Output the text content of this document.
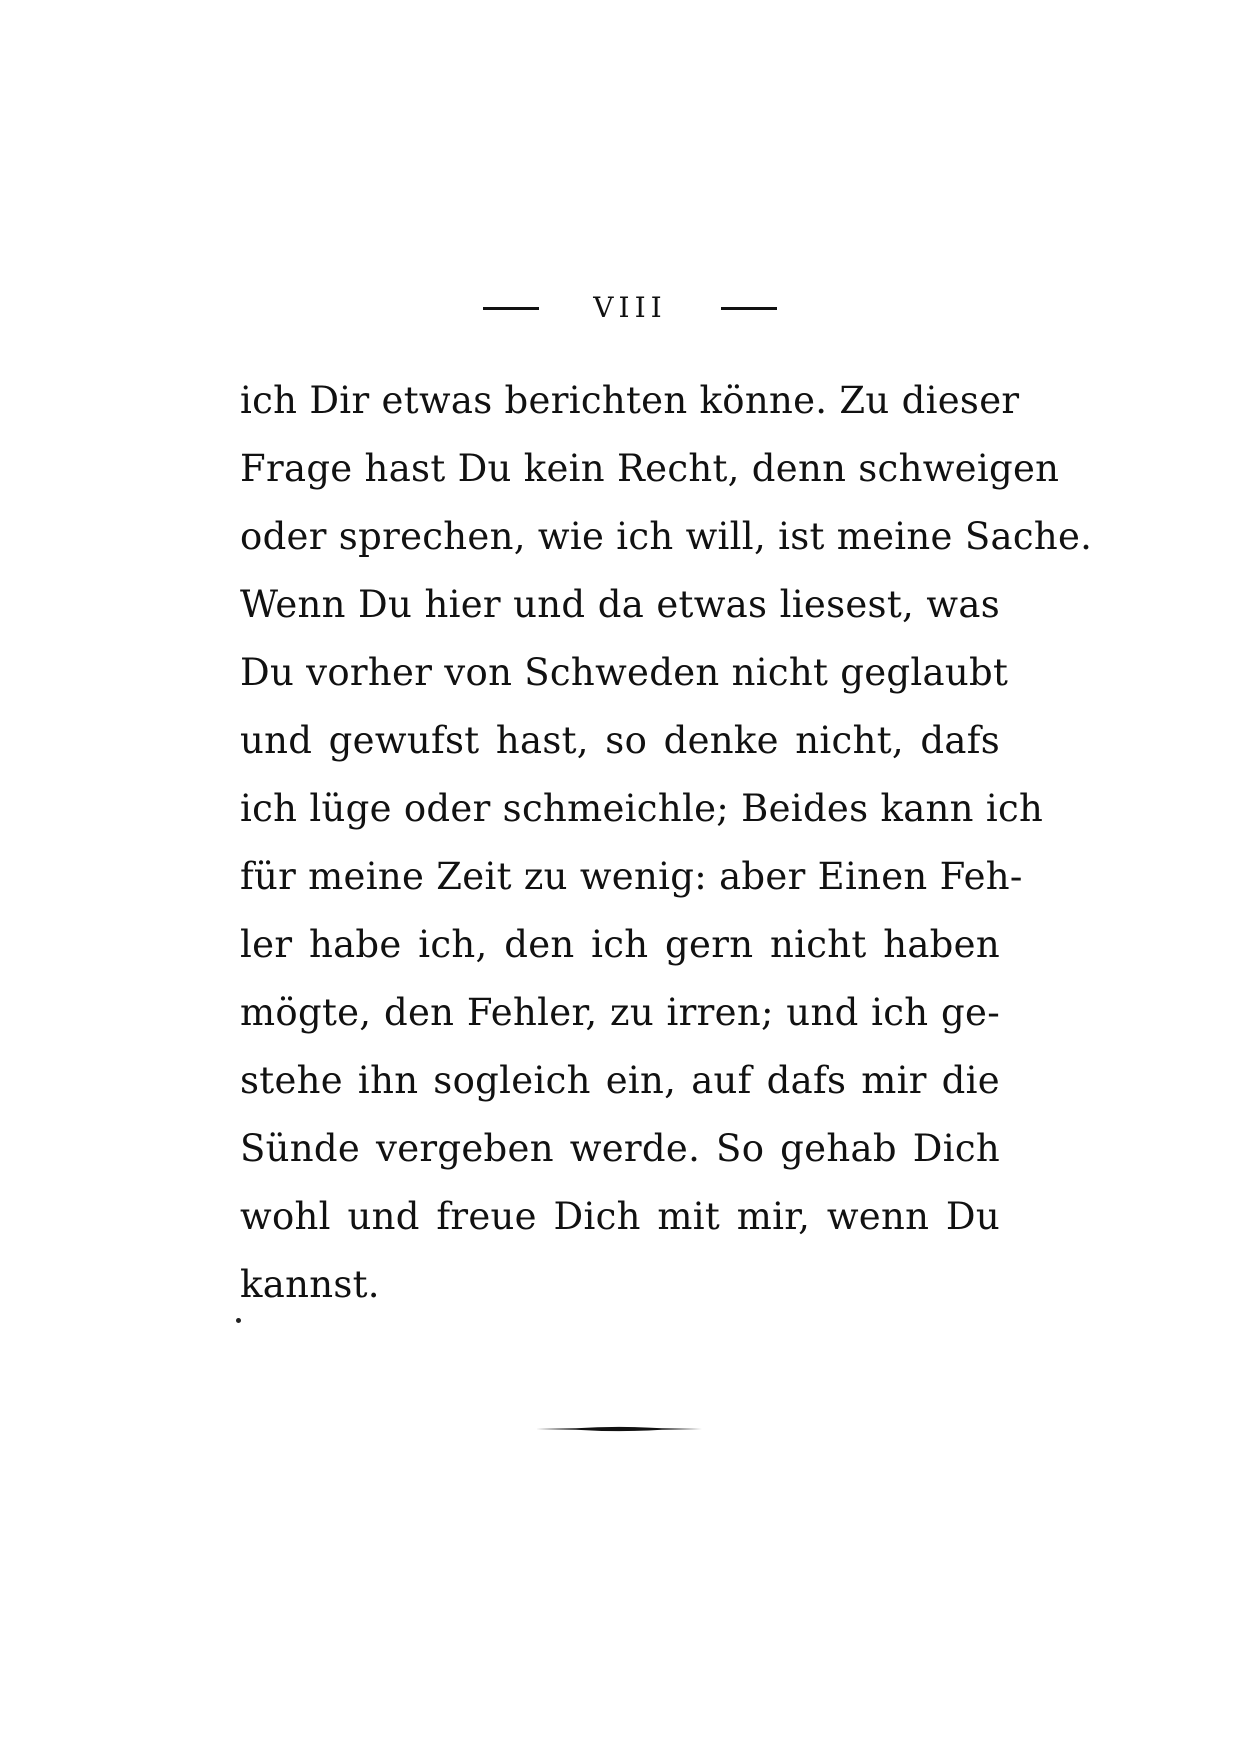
VIII
ich Dir etwas berichten könne. Zu dieser
Frage hast Du kein Recht, denn schweigen
oder sprechen, wie ich will, ist meine Sache.
Wenn Du hier und da etwas liesest, was
Du vorher von Schweden nicht geglaubt
und gewufst hast, so denke nicht, dafs
ich lüge oder schmeichle; Beides kann ich
für meine Zeit zu wenig: aber Einen Feh-
ler habe ich, den ich gern nicht haben
mögte, den Fehler, zu irren; und ich ge-
stehe ihn sogleich ein, auf dafs mir die
Sünde vergeben werde. So gehab Dich
wohl und freue Dich mit mir, wenn Du
kannst.
